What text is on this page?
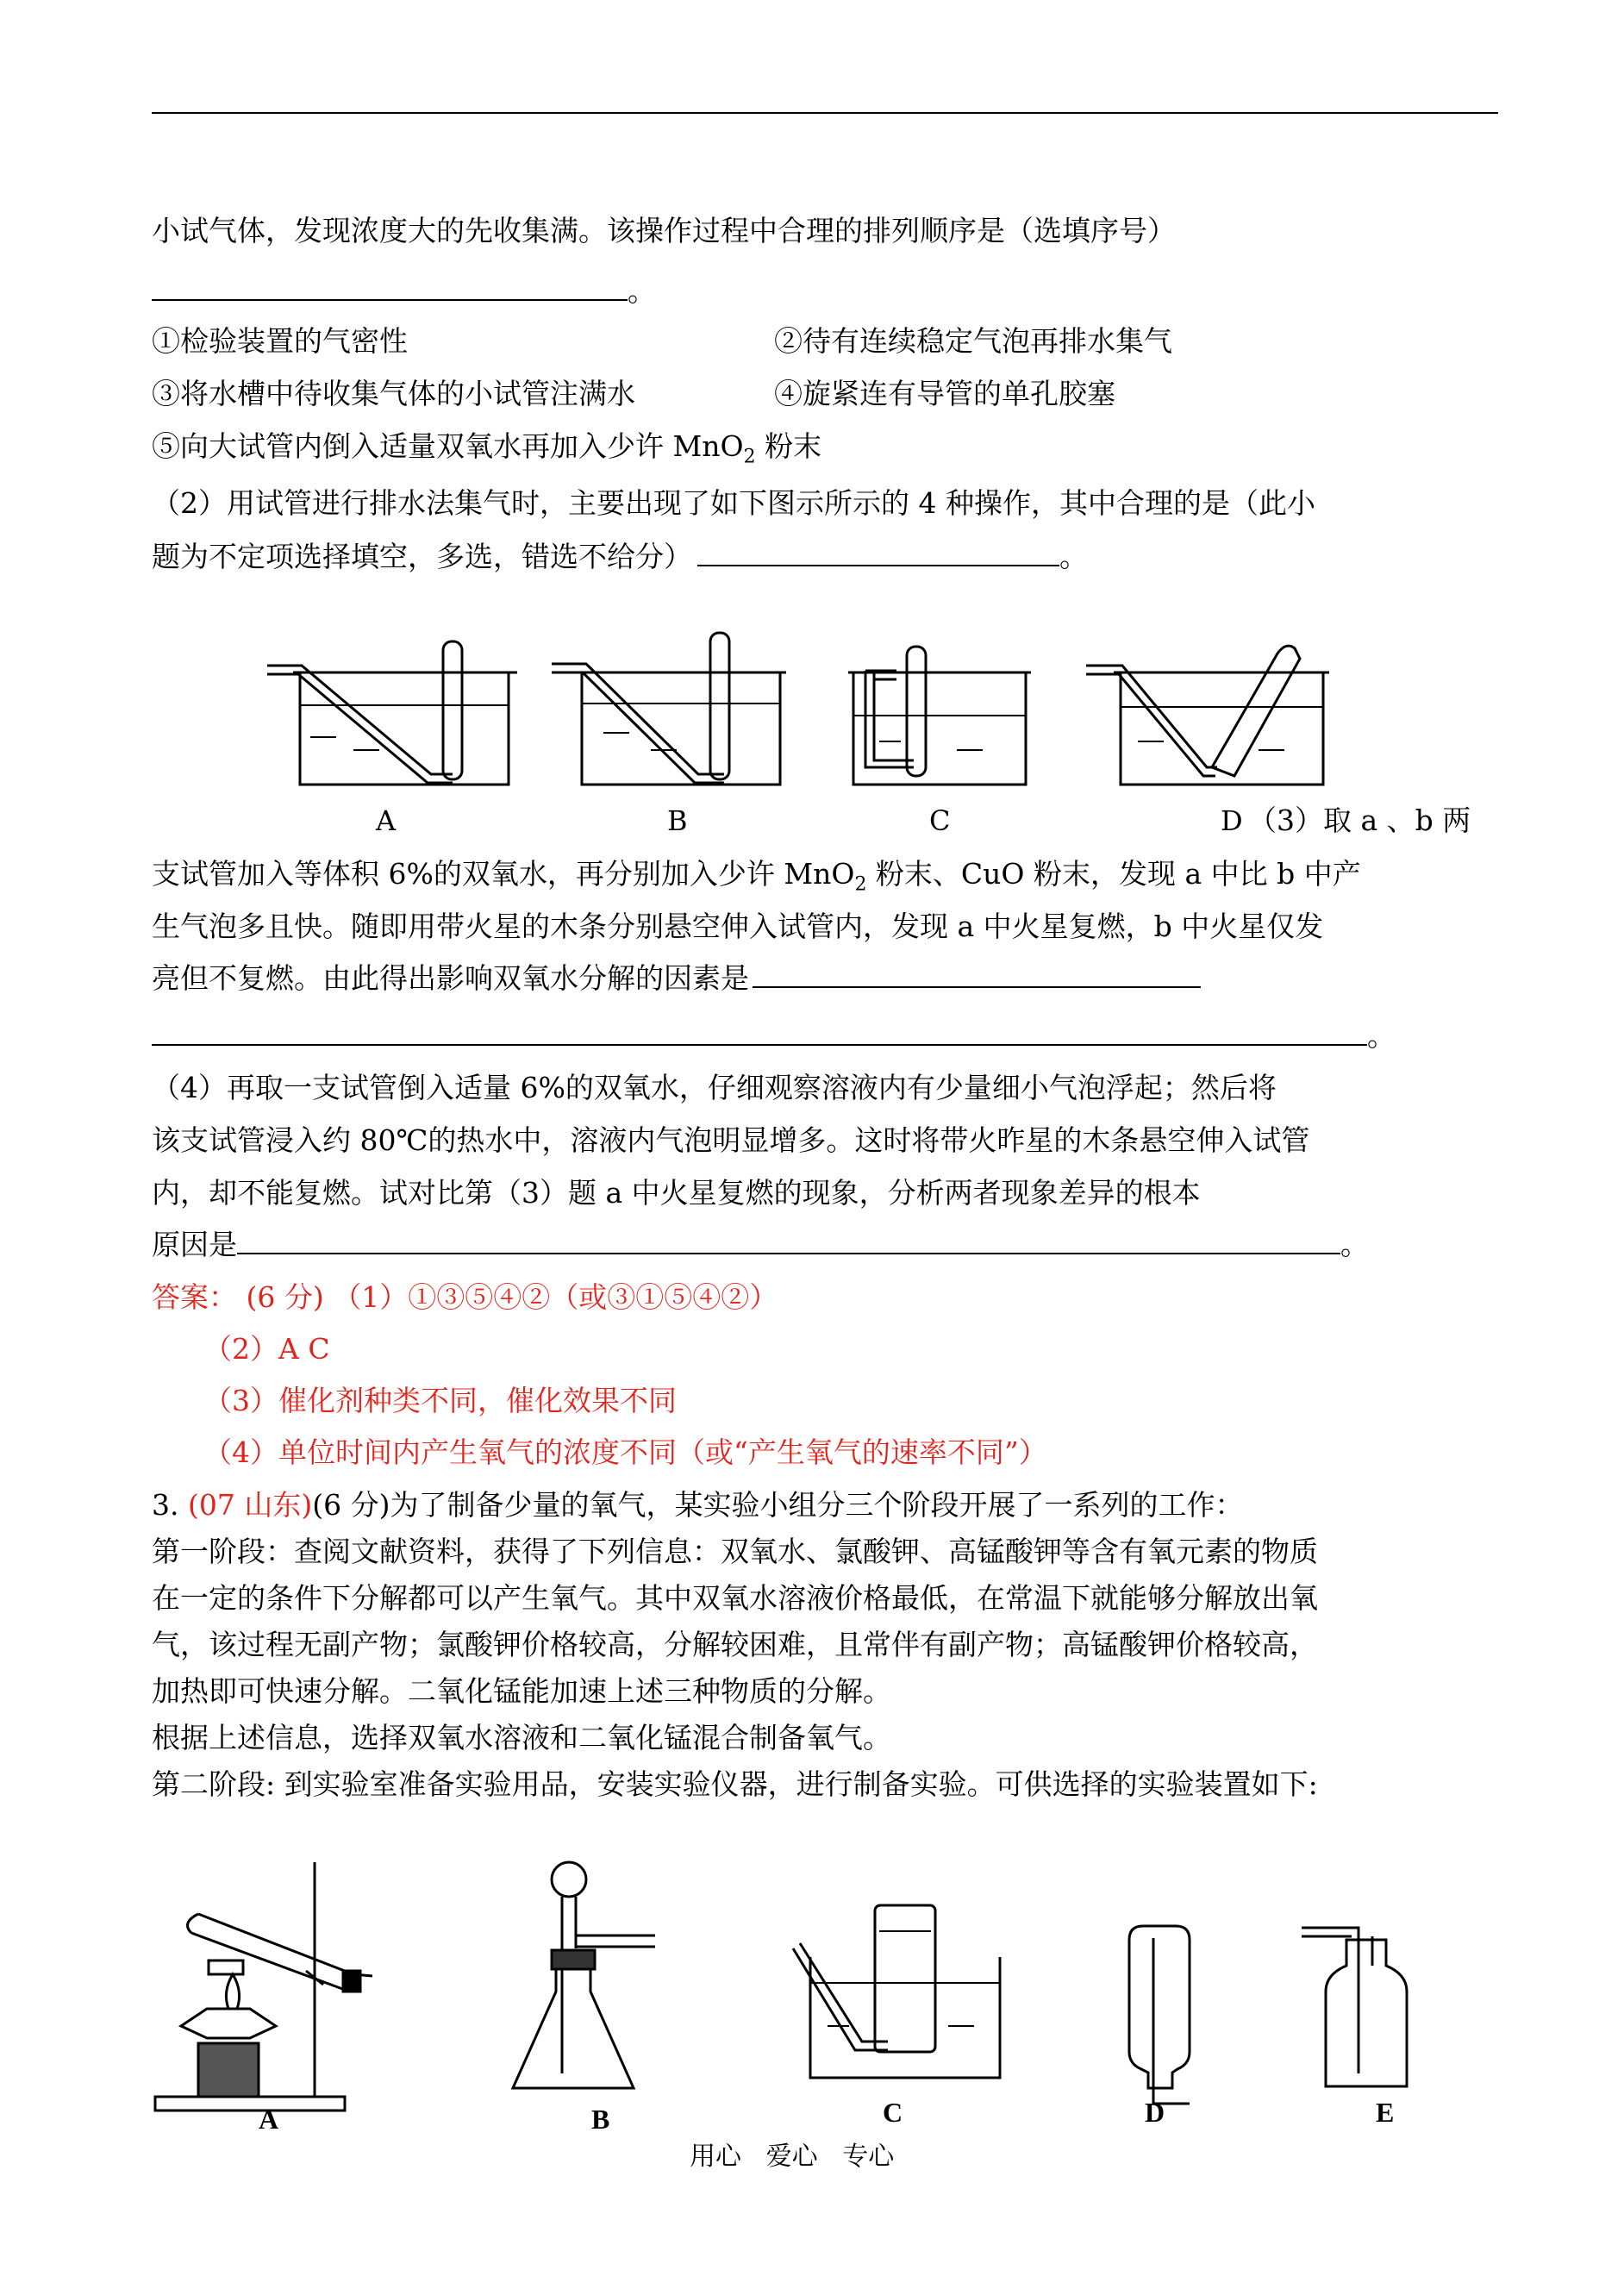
小试气体，发现浓度大的先收集满。该操作过程中合理的排列顺序是（选填序号）
。
①检验装置的气密性	②待有连续稳定气泡再排水集气
③将水槽中待收集气体的小试管注满水	④旋紧连有导管的单孔胶塞
⑤向大试管内倒入适量双氧水再加入少许 MnO$_2$ 粉末
（2）用试管进行排水法集气时，主要出现了如下图示所示的 4 种操作，其中合理的是（此小
题为不定项选择填空，多选，错选不给分）	。
A	B	C	D （3）取 a 、b 两
支试管加入等体积 6%的双氧水，再分别加入少许 MnO$_2$ 粉末、CuO 粉末，发现 a 中比 b 中产
生气泡多且快。随即用带火星的木条分别悬空伸入试管内，发现 a 中火星复燃，b 中火星仅发
亮但不复燃。由此得出影响双氧水分解的因素是
。
（4）再取一支试管倒入适量 6%的双氧水，仔细观察溶液内有少量细小气泡浮起；然后将
该支试管浸入约 80℃的热水中，溶液内气泡明显增多。这时将带火昨星的木条悬空伸入试管
内，却不能复燃。试对比第（3）题 a 中火星复燃的现象，分析两者现象差异的根本
原因是	。
答案： (6 分) （1）①③⑤④②（或③①⑤④②）
（2）A C
（3）催化剂种类不同，催化效果不同
（4）单位时间内产生氧气的浓度不同（或“产生氧气的速率不同”）
3. (07 山东)(6 分)为了制备少量的氧气，某实验小组分三个阶段开展了一系列的工作：
第一阶段：查阅文献资料，获得了下列信息：双氧水、氯酸钾、高锰酸钾等含有氧元素的物质
在一定的条件下分解都可以产生氧气。其中双氧水溶液价格最低，在常温下就能够分解放出氧
气，该过程无副产物；氯酸钾价格较高，分解较困难，且常伴有副产物；高锰酸钾价格较高，
加热即可快速分解。二氧化锰能加速上述三种物质的分解。
根据上述信息，选择双氧水溶液和二氧化锰混合制备氧气。
第二阶段: 到实验室准备实验用品，安装实验仪器，进行制备实验。可供选择的实验装置如下:
A	B	C	D	E
用心   爱心   专心
